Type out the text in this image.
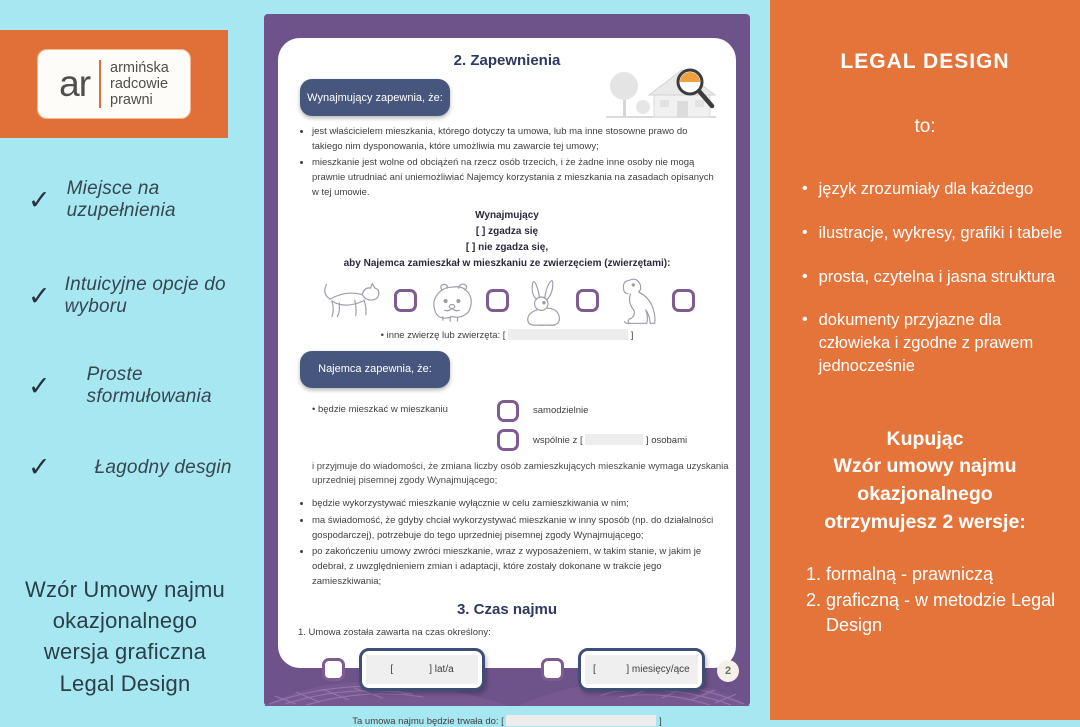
ar armińska
radcowie
prawni
✓ Miejsce na uzupełnienia
✓ Intuicyjne opcje do wyboru
✓ Proste sformułowania
✓ Łagodny desgin
Wzór Umowy najmu
okazjonalnego
wersja graficzna
Legal Design	2
2. Zapewnienia
Wynajmujący zapewnia, że:
• jest właścicielem mieszkania, którego dotyczy ta umowa, lub ma inne stosowne prawo do takiego nim dysponowania, które umożliwia mu zawarcie tej umowy;
• mieszkanie jest wolne od obciążeń na rzecz osób trzecich, i że żadne inne osoby nie mogą prawnie utrudniać ani uniemożliwiać Najemcy korzystania z mieszkania na zasadach opisanych w tej umowie.
Wynajmujący
[ ] zgadza się
[ ] nie zgadza się,
aby Najemca zamieszkał w mieszkaniu ze zwierzęciem (zwierzętami):
• inne zwierzę lub zwierzęta: [	]
Najemca zapewnia, że:
• będzie mieszkać w mieszkaniu	samodzielnie
wspólnie z [	] osobami
i przyjmuje do wiadomości, że zmiana liczby osób zamieszkujących mieszkanie wymaga uzyskania uprzedniej pisemnej zgody Wynajmującego;
• będzie wykorzystywać mieszkanie wyłącznie w celu zamieszkiwania w nim;
• ma świadomość, że gdyby chciał wykorzystywać mieszkanie w inny sposób (np. do działalności gospodarczej), potrzebuje do tego uprzedniej pisemnej zgody Wynajmującego;
• po zakończeniu umowy zwróci mieszkanie, wraz z wyposażeniem, w takim stanie, w jakim je odebrał, z uwzględnieniem zmian i adaptacji, które zostały dokonane w trakcie jego zamieszkiwania;
3. Czas najmu
1. Umowa została zawarta na czas określony:
[             ] lat/a	[           ] miesięcy/ące
Ta umowa najmu będzie trwała do: [	]
LEGAL DESIGN
to:
• język zrozumiały dla każdego
• ilustracje, wykresy, grafiki i tabele
• prosta, czytelna i jasna struktura
• dokumenty przyjazne dla człowieka i zgodne z prawem jednocześnie
Kupując
Wzór umowy najmu
okazjonalnego
otrzymujesz 2 wersje:
1. formalną - prawniczą
2. graficzną - w metodzie Legal Design
